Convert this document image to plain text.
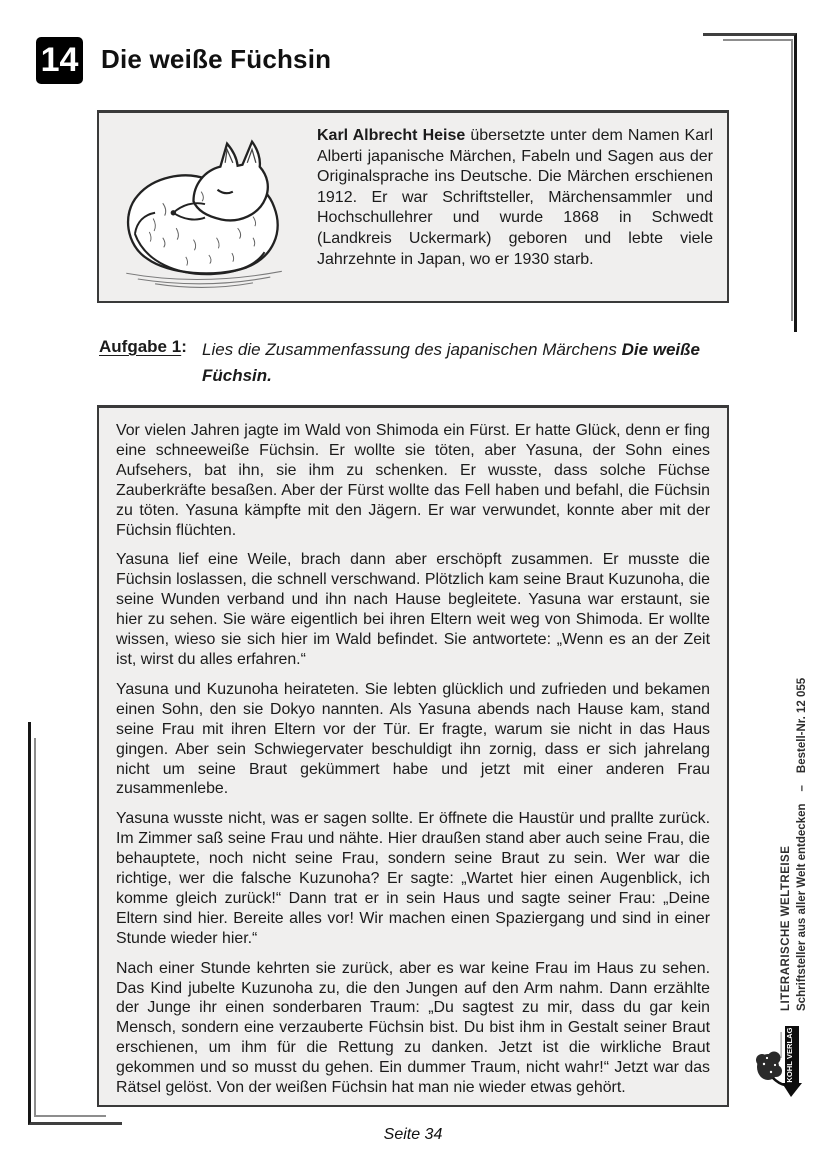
14 Die weiße Füchsin
Karl Albrecht Heise übersetzte unter dem Namen Karl Alberti japanische Märchen, Fabeln und Sagen aus der Originalsprache ins Deutsche. Die Märchen erschienen 1912. Er war Schriftsteller, Märchensammler und Hochschullehrer und wurde 1868 in Schwedt (Landkreis Uckermark) geboren und lebte viele Jahrzehnte in Japan, wo er 1930 starb.
Aufgabe 1: Lies die Zusammenfassung des japanischen Märchens Die weiße Füchsin.

Vor vielen Jahren jagte im Wald von Shimoda ein Fürst. Er hatte Glück, denn er fing eine schneeweiße Füchsin. Er wollte sie töten, aber Yasuna, der Sohn eines Aufsehers, bat ihn, sie ihm zu schenken. Er wusste, dass solche Füchse Zauberkräfte besaßen. Aber der Fürst wollte das Fell haben und befahl, die Füchsin zu töten. Yasuna kämpfte mit den Jägern. Er war verwundet, konnte aber mit der Füchsin flüchten.

Yasuna lief eine Weile, brach dann aber erschöpft zusammen. Er musste die Füchsin loslassen, die schnell verschwand. Plötzlich kam seine Braut Kuzunoha, die seine Wunden verband und ihn nach Hause begleitete. Yasuna war erstaunt, sie hier zu sehen. Sie wäre eigentlich bei ihren Eltern weit weg von Shimoda. Er wollte wissen, wieso sie sich hier im Wald befindet. Sie antwortete: „Wenn es an der Zeit ist, wirst du alles erfahren.“

Yasuna und Kuzunoha heirateten. Sie lebten glücklich und zufrieden und bekamen einen Sohn, den sie Dokyo nannten. Als Yasuna abends nach Hause kam, stand seine Frau mit ihren Eltern vor der Tür. Er fragte, warum sie nicht in das Haus gingen. Aber sein Schwiegervater beschuldigt ihn zornig, dass er sich jahrelang nicht um seine Braut gekümmert habe und jetzt mit einer anderen Frau zusammenlebe.

Yasuna wusste nicht, was er sagen sollte. Er öffnete die Haustür und prallte zurück. Im Zimmer saß seine Frau und nähte. Hier draußen stand aber auch seine Frau, die behauptete, noch nicht seine Frau, sondern seine Braut zu sein. Wer war die richtige, wer die falsche Kuzunoha? Er sagte: „Wartet hier einen Augenblick, ich komme gleich zurück!“ Dann trat er in sein Haus und sagte seiner Frau: „Deine Eltern sind hier. Bereite alles vor! Wir machen einen Spaziergang und sind in einer Stunde wieder hier.“

Nach einer Stunde kehrten sie zurück, aber es war keine Frau im Haus zu sehen. Das Kind jubelte Kuzunoha zu, die den Jungen auf den Arm nahm. Dann erzählte der Junge ihr einen sonderbaren Traum: „Du sagtest zu mir, dass du gar kein Mensch, sondern eine verzauberte Füchsin bist. Du bist ihm in Gestalt seiner Braut erschienen, um ihm für die Rettung zu danken. Jetzt ist die wirkliche Braut gekommen und so musst du gehen. Ein dummer Traum, nicht wahr!“ Jetzt war das Rätsel gelöst. Von der weißen Füchsin hat man nie wieder etwas gehört.

LITERARISCHE WELTREISE Schriftsteller aus aller Welt entdecken–Bestell-Nr. 12 055
KOHL VERLAG
Seite 34
